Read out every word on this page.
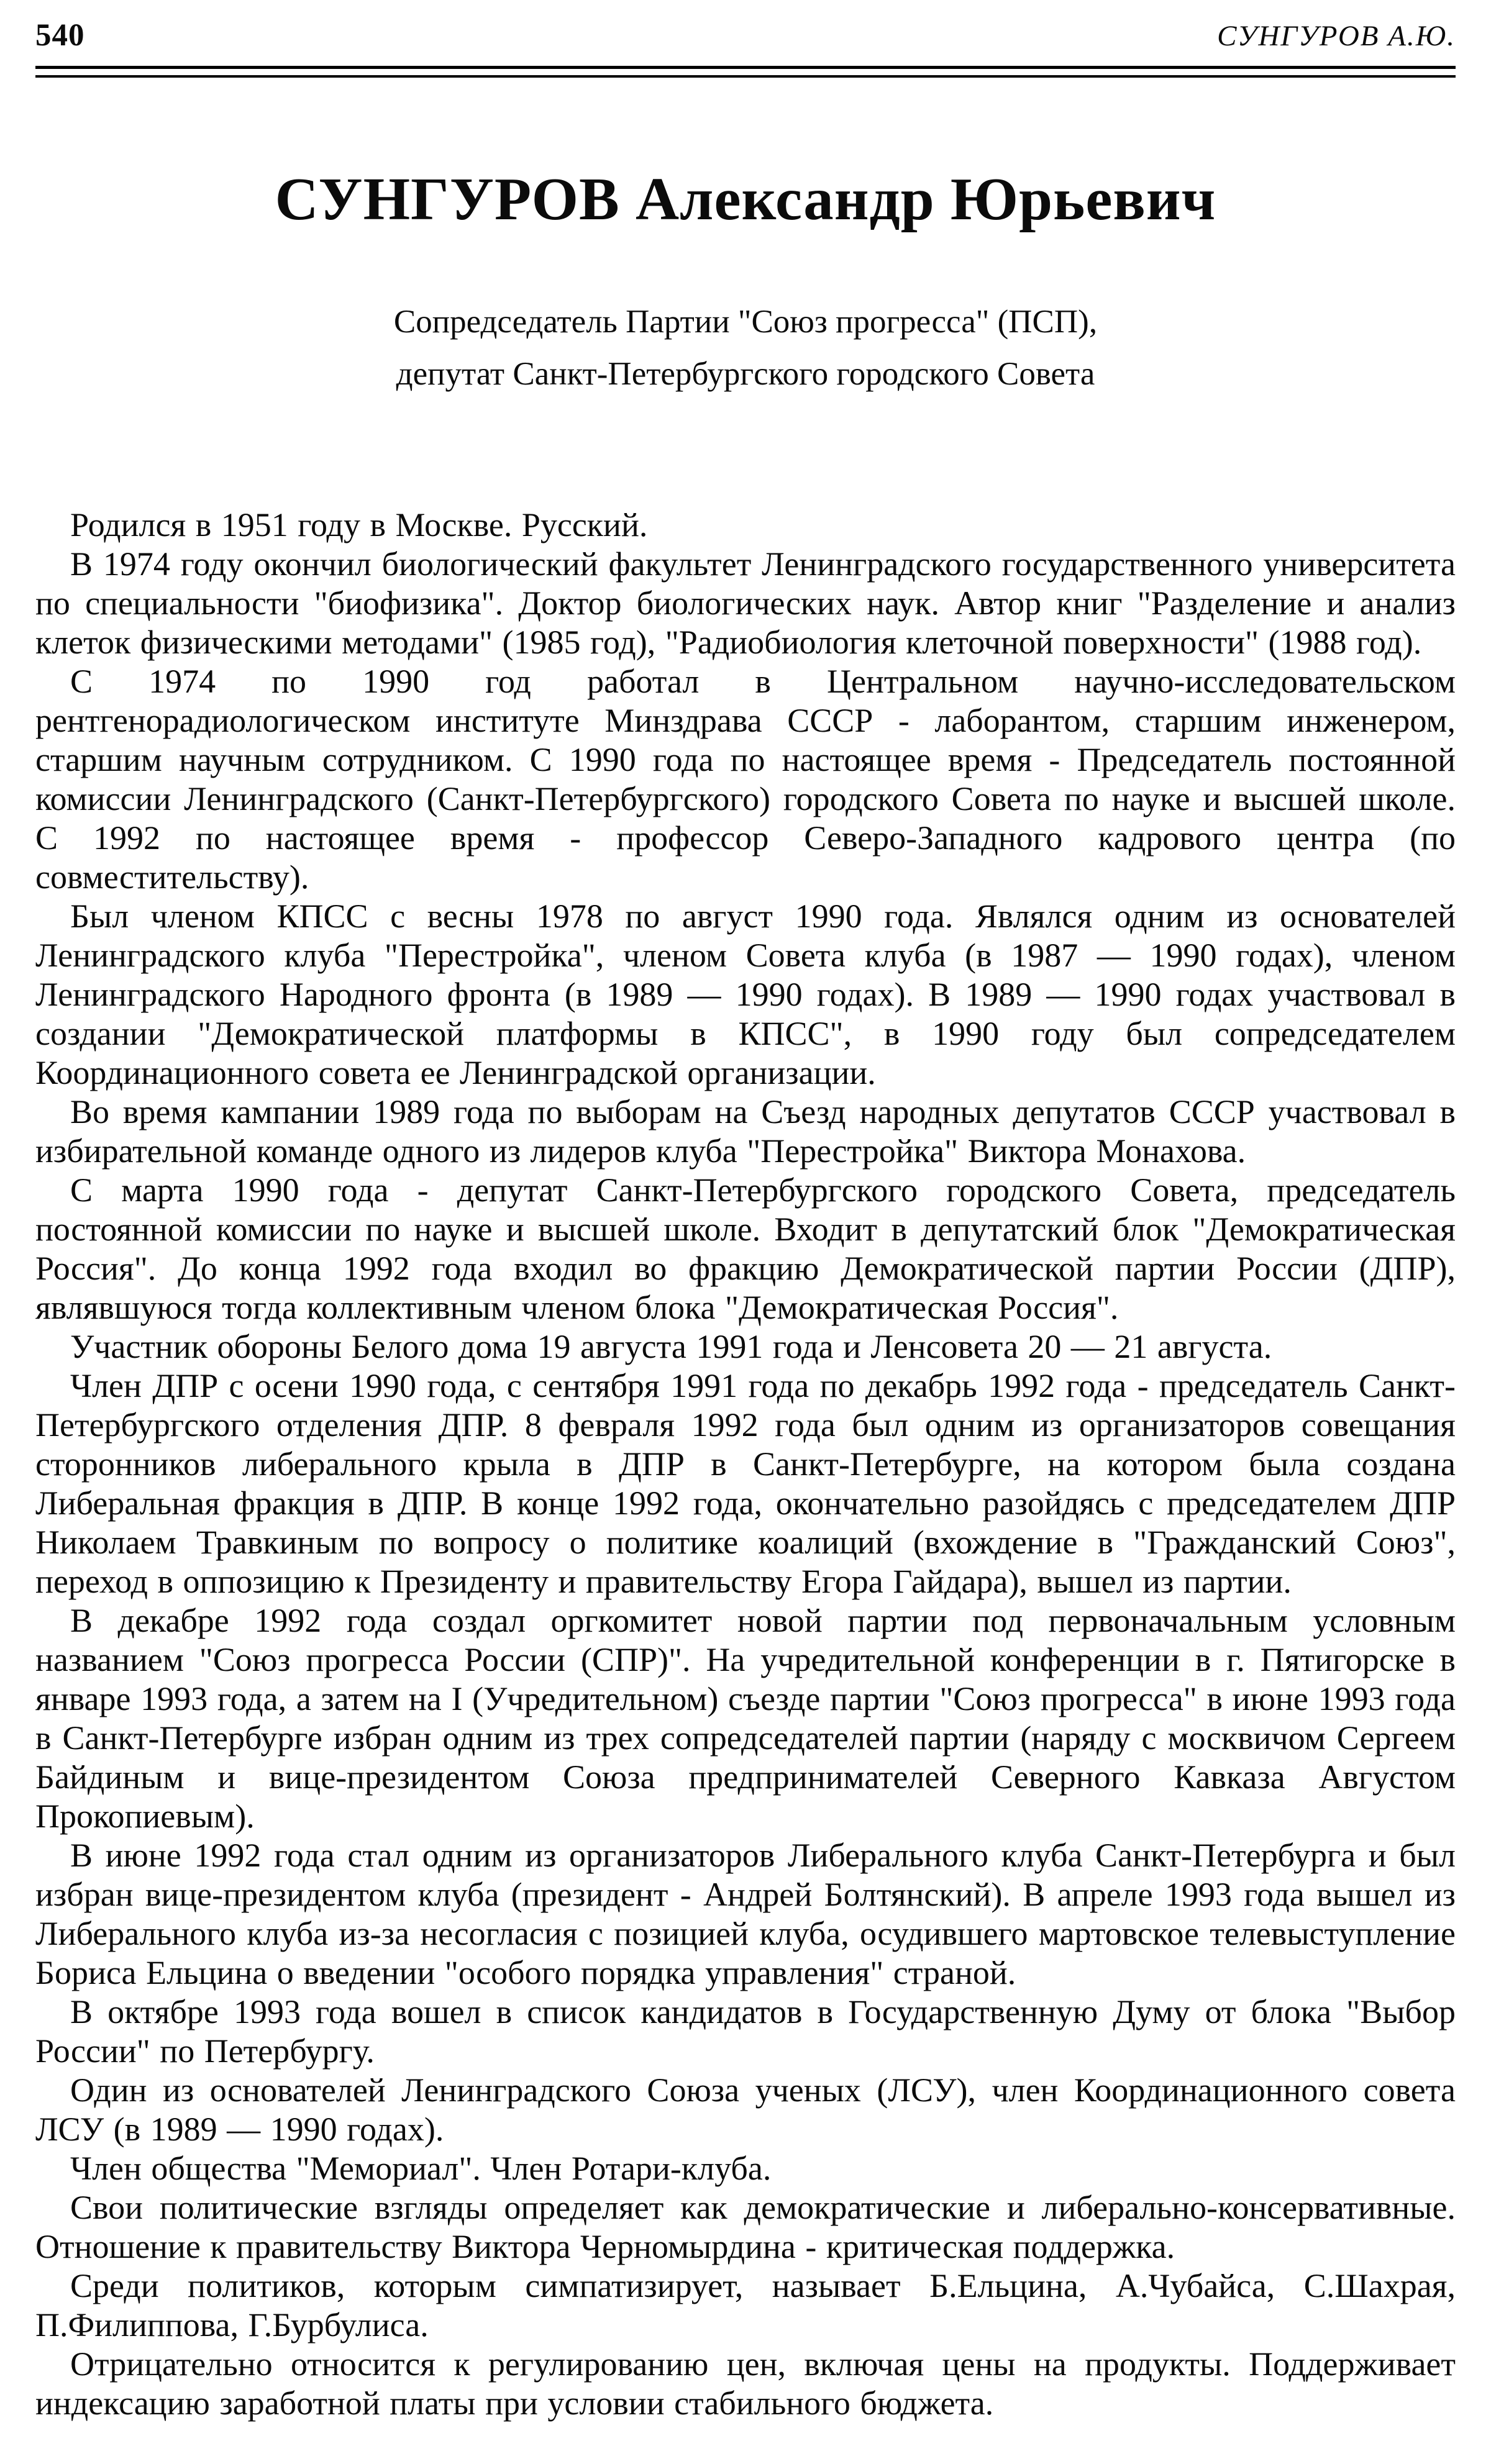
540	СУНГУРОВ А.Ю.
СУНГУРОВ Александр Юрьевич

Сопредседатель Партии "Союз прогресса" (ПСП),

депутат Санкт-Петербургского городского Совета

Родился в 1951 году в Москве. Русский.

В 1974 году окончил биологический факультет Ленинградского государственного университета по специальности "биофизика". Доктор биологических наук. Автор книг "Разделение и анализ клеток физическими методами" (1985 год), "Радиобиология клеточной поверхности" (1988 год).

С 1974 по 1990 год работал в Центральном научно-исследовательском рентгенорадиологическом институте Минздрава СССР - лаборантом, старшим инженером, старшим научным сотрудником. С 1990 года по настоящее время - Председатель постоянной комиссии Ленинградского (Санкт-Петербургского) городского Совета по науке и высшей школе. С 1992 по настоящее время - профессор Северо-Западного кадрового центра (по совместительству).

Был членом КПСС с весны 1978 по август 1990 года. Являлся одним из основателей Ленинградского клуба "Перестройка", членом Совета клуба (в 1987 — 1990 годах), членом Ленинградского Народного фронта (в 1989 — 1990 годах). В 1989 — 1990 годах участвовал в создании "Демократической платформы в КПСС", в 1990 году был сопредседателем Координационного совета ее Ленинградской организации.

Во время кампании 1989 года по выборам на Съезд народных депутатов СССР участвовал в избирательной команде одного из лидеров клуба "Перестройка" Виктора Монахова.

С марта 1990 года - депутат Санкт-Петербургского городского Совета, председатель постоянной комиссии по науке и высшей школе. Входит в депутатский блок "Демократическая Россия". До конца 1992 года входил во фракцию Демократической партии России (ДПР), являвшуюся тогда коллективным членом блока "Демократическая Россия".

Участник обороны Белого дома 19 августа 1991 года и Ленсовета 20 — 21 августа.

Член ДПР с осени 1990 года, с сентября 1991 года по декабрь 1992 года - председатель Санкт-Петербургского отделения ДПР. 8 февраля 1992 года был одним из организаторов совещания сторонников либерального крыла в ДПР в Санкт-Петербурге, на котором была создана Либеральная фракция в ДПР. В конце 1992 года, окончательно разойдясь с председателем ДПР Николаем Травкиным по вопросу о политике коалиций (вхождение в "Гражданский Союз", переход в оппозицию к Президенту и правительству Егора Гайдара), вышел из партии.

В декабре 1992 года создал оргкомитет новой партии под первоначальным условным названием "Союз прогресса России (СПР)". На учредительной конференции в г. Пятигорске в январе 1993 года, а затем на I (Учредительном) съезде партии "Союз прогресса" в июне 1993 года в Санкт-Петербурге избран одним из трех сопредседателей партии (наряду с москвичом Сергеем Байдиным и вице-президентом Союза предпринимателей Северного Кавказа Августом Прокопиевым).

В июне 1992 года стал одним из организаторов Либерального клуба Санкт-Петербурга и был избран вице-президентом клуба (президент - Андрей Болтянский). В апреле 1993 года вышел из Либерального клуба из-за несогласия с позицией клуба, осудившего мартовское телевыступление Бориса Ельцина о введении "особого порядка управления" страной.

В октябре 1993 года вошел в список кандидатов в Государственную Думу от блока "Выбор России" по Петербургу.

Один из основателей Ленинградского Союза ученых (ЛСУ), член Координационного совета ЛСУ (в 1989 — 1990 годах).

Член общества "Мемориал". Член Ротари-клуба.

Свои политические взгляды определяет как демократические и либерально-консервативные. Отношение к правительству Виктора Черномырдина - критическая поддержка.

Среди политиков, которым симпатизирует, называет Б.Ельцина, А.Чубайса, С.Шахрая, П.Филиппова, Г.Бурбулиса.

Отрицательно относится к регулированию цен, включая цены на продукты. Поддерживает индексацию заработной платы при условии стабильного бюджета.
